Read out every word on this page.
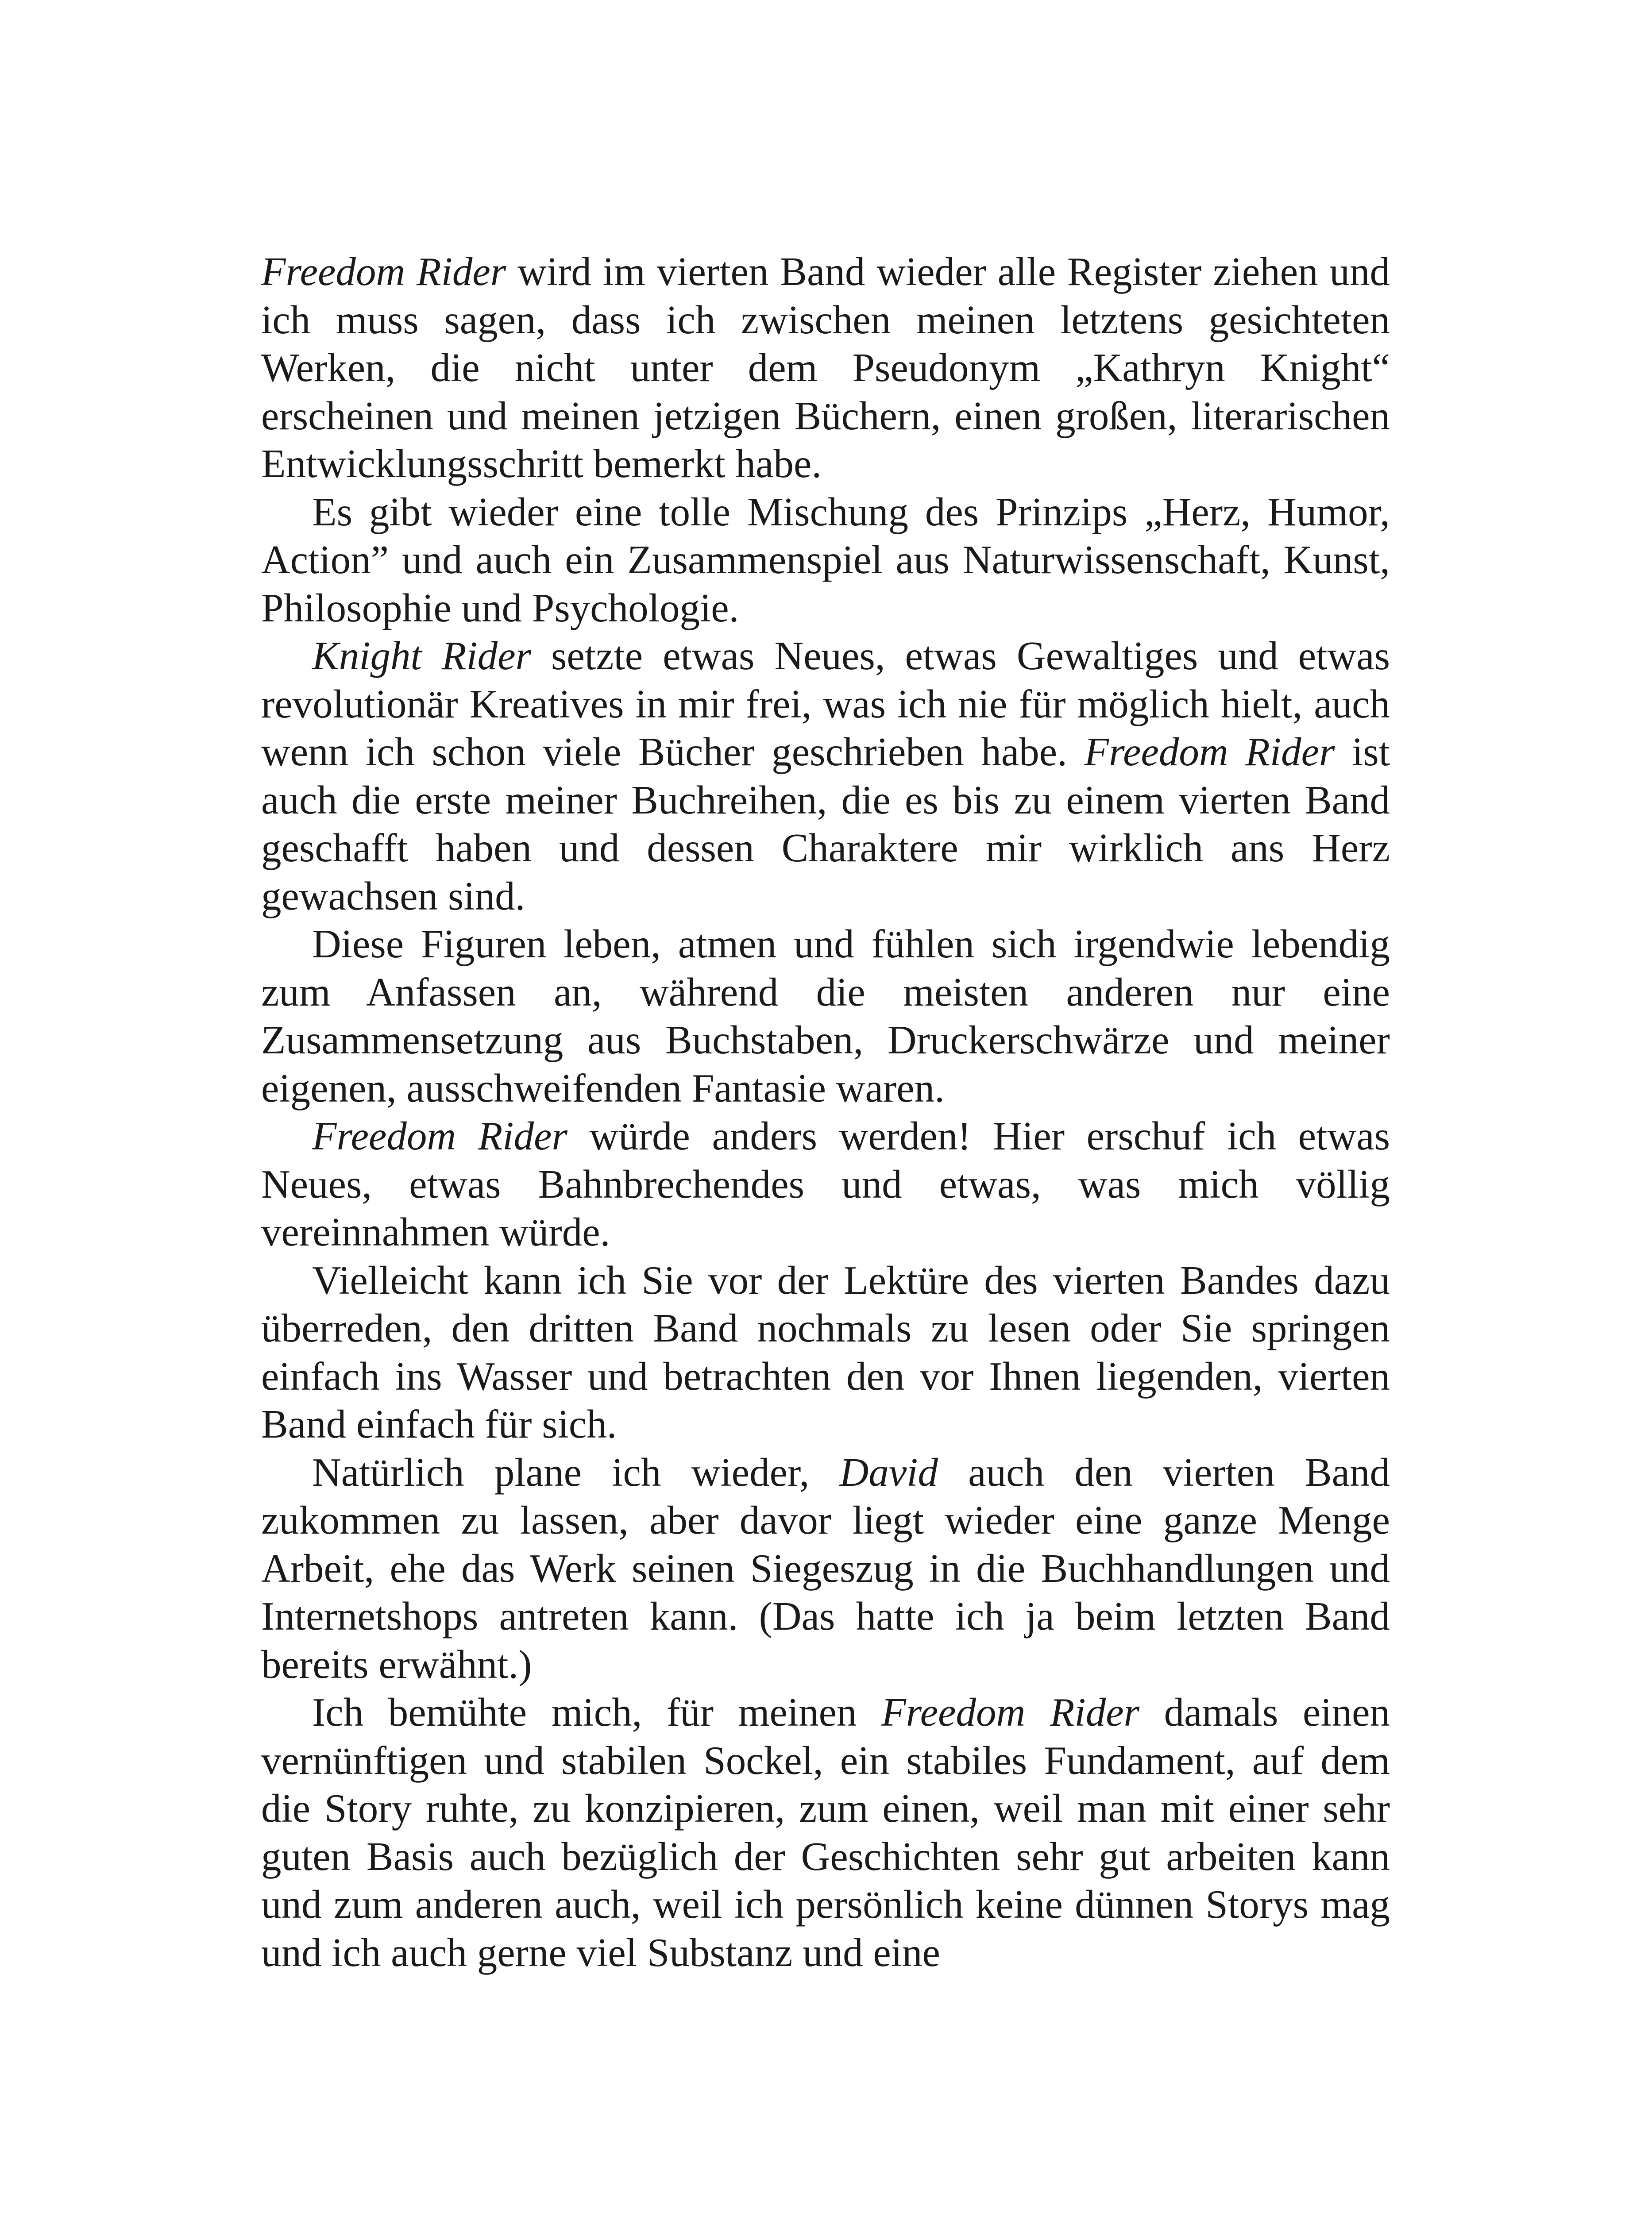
Freedom Rider wird im vierten Band wieder alle Register ziehen und ich muss sagen, dass ich zwischen meinen letztens gesichteten Werken, die nicht unter dem Pseudonym „Kathryn Knight“ erscheinen und meinen jetzigen Büchern, einen großen, literarischen Entwicklungsschritt bemerkt habe.

Es gibt wieder eine tolle Mischung des Prinzips „Herz, Humor, Action” und auch ein Zusammenspiel aus Naturwissenschaft, Kunst, Philosophie und Psychologie.

Knight Rider setzte etwas Neues, etwas Gewaltiges und etwas revolutionär Kreatives in mir frei, was ich nie für möglich hielt, auch wenn ich schon viele Bücher geschrieben habe. Freedom Rider ist auch die erste meiner Buchreihen, die es bis zu einem vierten Band geschafft haben und dessen Charaktere mir wirklich ans Herz gewachsen sind.

Diese Figuren leben, atmen und fühlen sich irgendwie lebendig zum Anfassen an, während die meisten anderen nur eine Zusammensetzung aus Buchstaben, Druckerschwärze und meiner eigenen, ausschweifenden Fantasie waren.

Freedom Rider würde anders werden! Hier erschuf ich etwas Neues, etwas Bahnbrechendes und etwas, was mich völlig vereinnahmen würde.

Vielleicht kann ich Sie vor der Lektüre des vierten Bandes dazu überreden, den dritten Band nochmals zu lesen oder Sie springen einfach ins Wasser und betrachten den vor Ihnen liegenden, vierten Band einfach für sich.

Natürlich plane ich wieder, David auch den vierten Band zukommen zu lassen, aber davor liegt wieder eine ganze Menge Arbeit, ehe das Werk seinen Siegeszug in die Buchhandlungen und Internetshops antreten kann. (Das hatte ich ja beim letzten Band bereits erwähnt.)

Ich bemühte mich, für meinen Freedom Rider damals einen vernünftigen und stabilen Sockel, ein stabiles Fundament, auf dem die Story ruhte, zu konzipieren, zum einen, weil man mit einer sehr guten Basis auch bezüglich der Geschichten sehr gut arbeiten kann und zum anderen auch, weil ich persönlich keine dünnen Storys mag und ich auch gerne viel Substanz und eine
